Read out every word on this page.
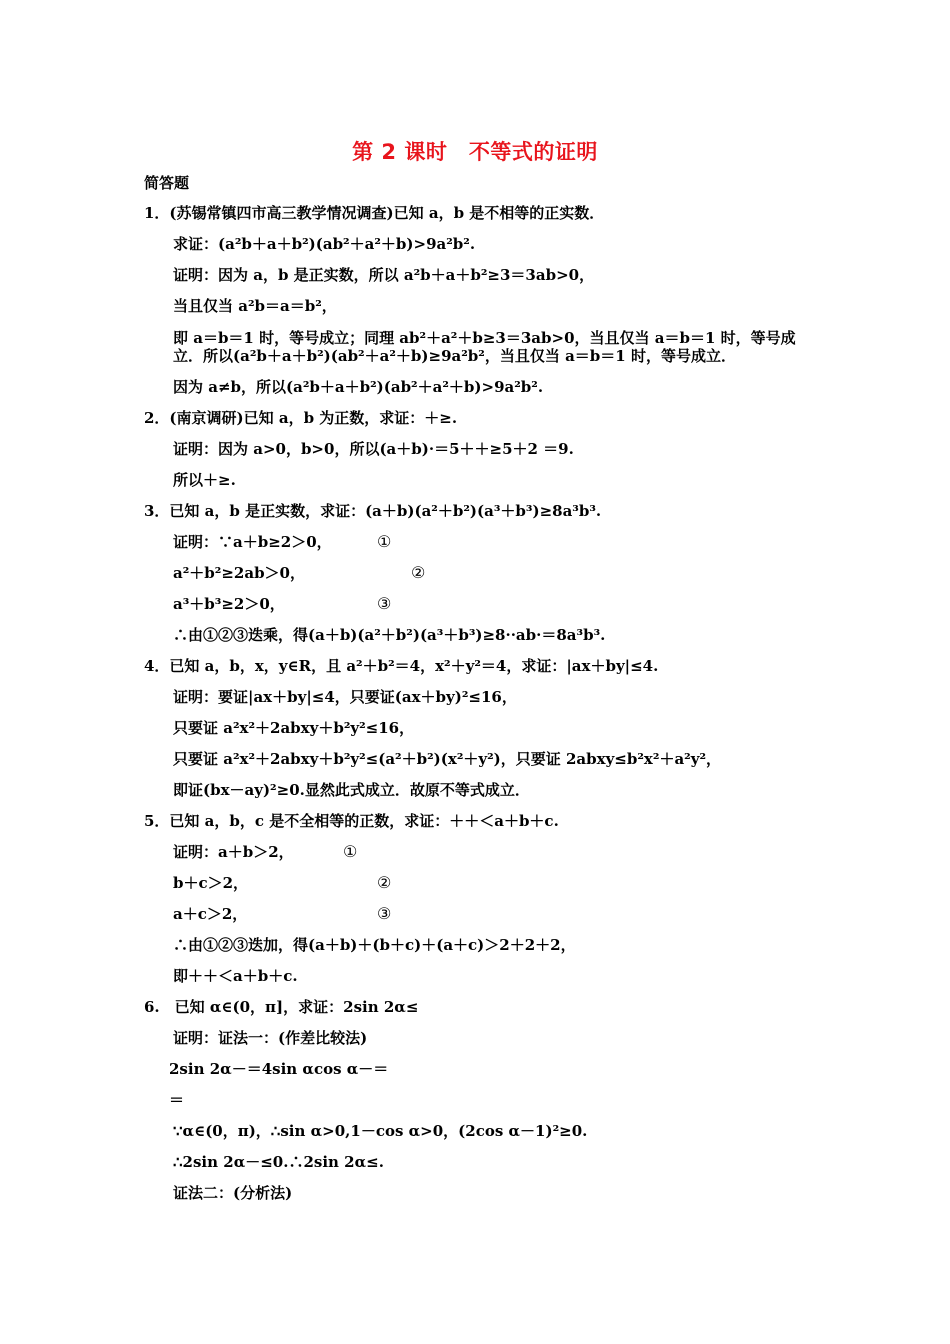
第 2 课时　不等式的证明
简答题
1．(苏锡常镇四市高三教学情况调查)已知 a，b 是不相等的正实数．
求证：(a²b＋a＋b²)(ab²＋a²＋b)>9a²b².
证明：因为 a，b 是正实数，所以 a²b＋a＋b²≥3＝3ab>0，
当且仅当 a²b＝a＝b²，
即 a＝b＝1 时，等号成立；同理 ab²＋a²＋b≥3＝3ab>0，当且仅当 a＝b＝1 时，等号成
立．所以(a²b＋a＋b²)(ab²＋a²＋b)≥9a²b²，当且仅当 a＝b＝1 时，等号成立．
因为 a≠b，所以(a²b＋a＋b²)(ab²＋a²＋b)>9a²b².
2．(南京调研)已知 a，b 为正数，求证：＋≥.
证明：因为 a>0，b>0，所以(a＋b)·＝5＋＋≥5＋2 ＝9.
所以＋≥.
3．已知 a，b 是正实数，求证：(a＋b)(a²＋b²)(a³＋b³)≥8a³b³.
证明：∵a＋b≥2＞0，	①
a²＋b²≥2ab＞0，	②
a³＋b³≥2＞0，	③
∴由①②③迭乘，得(a＋b)(a²＋b²)(a³＋b³)≥8··ab·＝8a³b³.
4．已知 a，b，x，y∈R，且 a²＋b²＝4，x²＋y²＝4，求证：|ax＋by|≤4.
证明：要证|ax＋by|≤4，只要证(ax＋by)²≤16，
只要证 a²x²＋2abxy＋b²y²≤16，
只要证 a²x²＋2abxy＋b²y²≤(a²＋b²)(x²＋y²)，只要证 2abxy≤b²x²＋a²y²，
即证(bx－ay)²≥0.显然此式成立．故原不等式成立．
5．已知 a，b，c 是不全相等的正数，求证：＋＋＜a＋b＋c.
证明：a＋b＞2，	①
b＋c＞2，	②
a＋c＞2，	③
∴由①②③迭加，得(a＋b)＋(b＋c)＋(a＋c)＞2＋2＋2，
即＋＋＜a＋b＋c.
6.　已知 α∈(0，π]，求证：2sin 2α≤
证明：证法一：(作差比较法)
2sin 2α－＝4sin αcos α－＝
＝
∵α∈(0，π)，∴sin α>0,1－cos α>0，(2cos α－1)²≥0.
∴2sin 2α－≤0.∴2sin 2α≤.
证法二：(分析法)
